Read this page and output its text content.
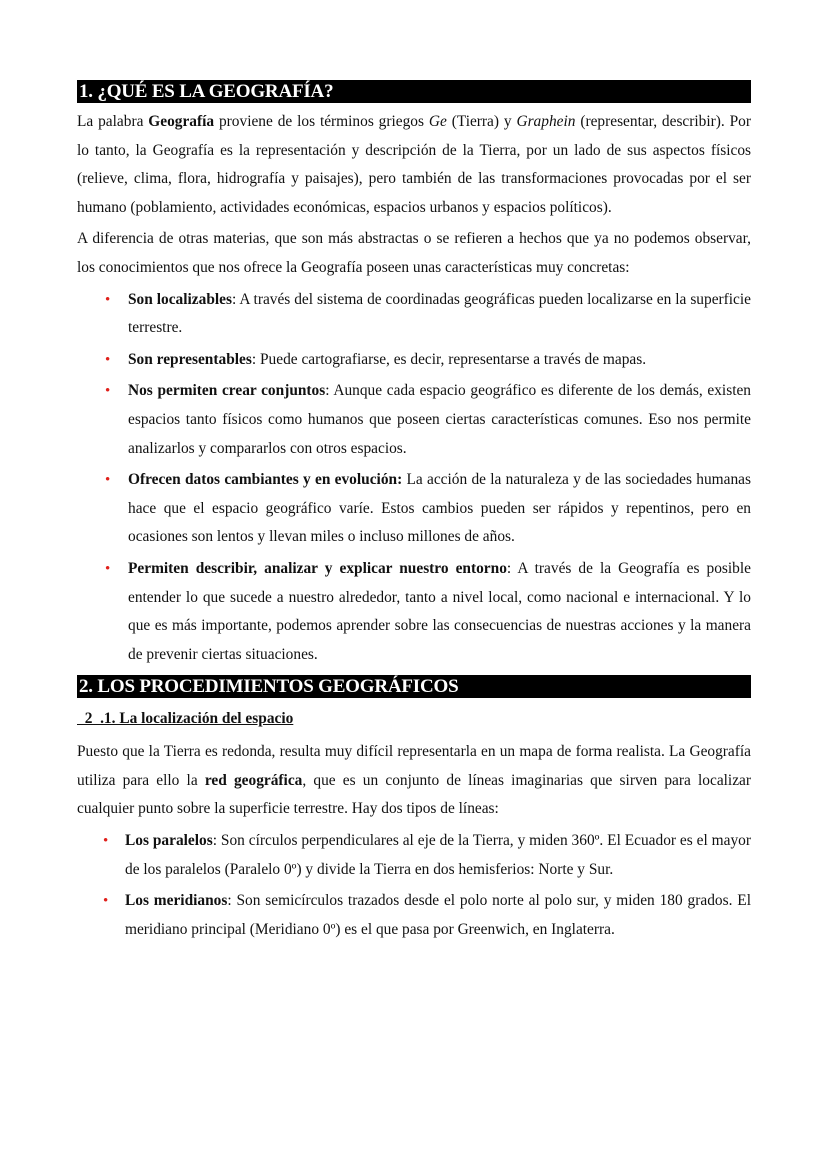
1. ¿QUÉ ES LA GEOGRAFÍA?

La palabra Geografía proviene de los términos griegos Ge (Tierra) y Graphein (representar, describir). Por lo tanto, la Geografía es la representación y descripción de la Tierra, por un lado de sus aspectos físicos (relieve, clima, flora, hidrografía y paisajes), pero también de las transformaciones provocadas por el ser humano (poblamiento, actividades económicas, espacios urbanos y espacios políticos).

A diferencia de otras materias, que son más abstractas o se refieren a hechos que ya no podemos observar, los conocimientos que nos ofrece la Geografía poseen unas características muy concretas:

• Son localizables: A través del sistema de coordinadas geográficas pueden localizarse en la superficie terrestre.
• Son representables: Puede cartografiarse, es decir, representarse a través de mapas.
• Nos permiten crear conjuntos: Aunque cada espacio geográfico es diferente de los demás, existen espacios tanto físicos como humanos que poseen ciertas características comunes. Eso nos permite analizarlos y compararlos con otros espacios.
• Ofrecen datos cambiantes y en evolución: La acción de la naturaleza y de las sociedades humanas hace que el espacio geográfico varíe. Estos cambios pueden ser rápidos y repentinos, pero en ocasiones son lentos y llevan miles o incluso millones de años.
• Permiten describir, analizar y explicar nuestro entorno: A través de la Geografía es posible entender lo que sucede a nuestro alrededor, tanto a nivel local, como nacional e internacional. Y lo que es más importante, podemos aprender sobre las consecuencias de nuestras acciones y la manera de prevenir ciertas situaciones.
2. LOS PROCEDIMIENTOS GEOGRÁFICOS
2  .1. La localización del espacio

Puesto que la Tierra es redonda, resulta muy difícil representarla en un mapa de forma realista. La Geografía utiliza para ello la red geográfica, que es un conjunto de líneas imaginarias que sirven para localizar cualquier punto sobre la superficie terrestre. Hay dos tipos de líneas:

• Los paralelos: Son círculos perpendiculares al eje de la Tierra, y miden 360º. El Ecuador es el mayor de los paralelos (Paralelo 0º) y divide la Tierra en dos hemisferios: Norte y Sur.
• Los meridianos: Son semicírculos trazados desde el polo norte al polo sur, y miden 180 grados. El meridiano principal (Meridiano 0º) es el que pasa por Greenwich, en Inglaterra.
